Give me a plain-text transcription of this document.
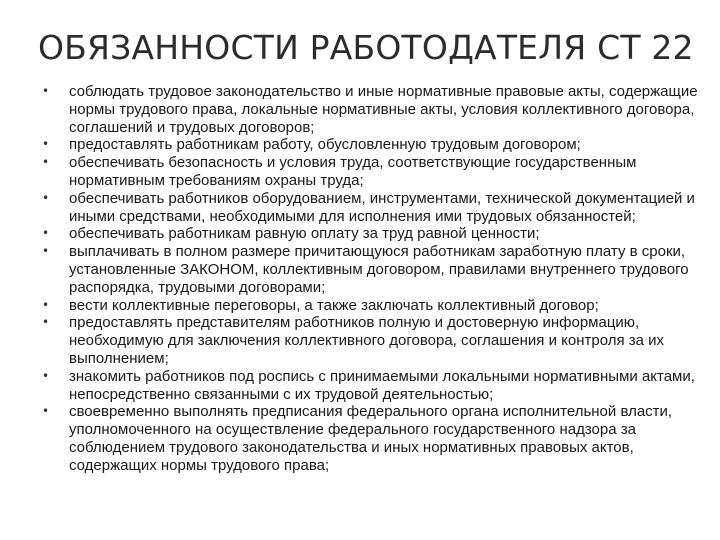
ОБЯЗАННОСТИ РАБОТОДАТЕЛЯ СТ 22
• соблюдать трудовое законодательство и иные нормативные правовые акты, содержащие нормы трудового права, локальные нормативные акты, условия коллективного договора, соглашений и трудовых договоров;
• предоставлять работникам работу, обусловленную трудовым договором;
• обеспечивать безопасность и условия труда, соответствующие государственным нормативным требованиям охраны труда;
• обеспечивать работников оборудованием, инструментами, технической документацией и иными средствами, необходимыми для исполнения ими трудовых обязанностей;
• обеспечивать работникам равную оплату за труд равной ценности;
• выплачивать в полном размере причитающуюся работникам заработную плату в сроки, установленные ЗАКОНОМ, коллективным договором, правилами внутреннего трудового распорядка, трудовыми договорами;
• вести коллективные переговоры, а также заключать коллективный договор;
• предоставлять представителям работников полную и достоверную информацию, необходимую для заключения коллективного договора, соглашения и контроля за их выполнением;
• знакомить работников под роспись с принимаемыми локальными нормативными актами, непосредственно связанными с их трудовой деятельностью;
• своевременно выполнять предписания федерального органа исполнительной власти, уполномоченного на осуществление федерального государственного надзора за соблюдением трудового законодательства и иных нормативных правовых актов, содержащих нормы трудового права;
